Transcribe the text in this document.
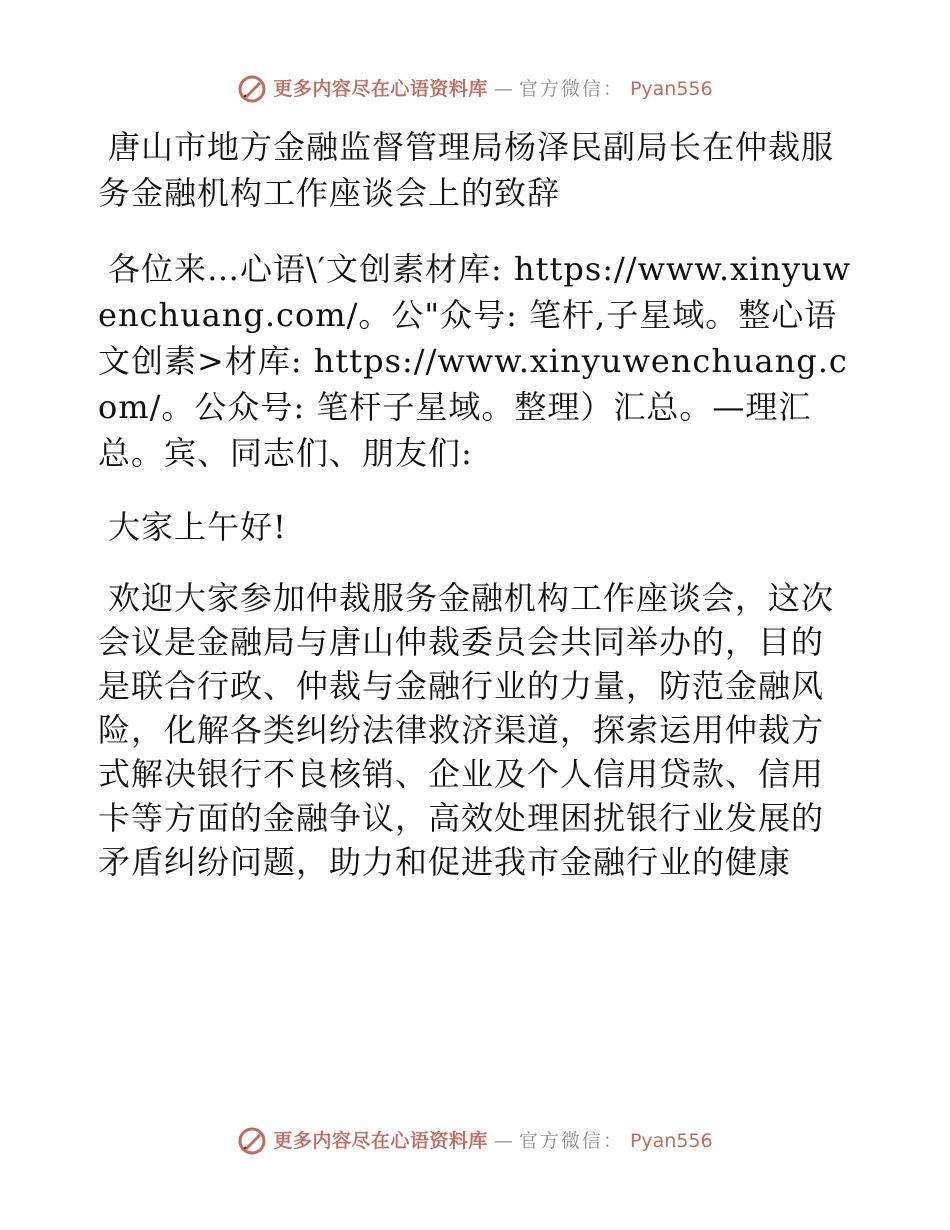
更多内容尽在心语资料库 — 官方微信： Pyan556

唐山市地方金融监督管理局杨泽民副局长在仲裁服务金融机构工作座谈会上的致辞

各位来…心语\′文创素材库: https://www.xinyuwenchuang.com/。公"众号: 笔杆,子星域。整心语文创素>材库: https://www.xinyuwenchuang.com/。公众号: 笔杆子星域。整理）汇总。—理汇总。宾、同志们、朋友们:

大家上午好!

欢迎大家参加仲裁服务金融机构工作座谈会，这次会议是金融局与唐山仲裁委员会共同举办的，目的是联合行政、仲裁与金融行业的力量，防范金融风险，化解各类纠纷法律救济渠道，探索运用仲裁方式解决银行不良核销、企业及个人信用贷款、信用卡等方面的金融争议，高效处理困扰银行业发展的矛盾纠纷问题，助力和促进我市金融行业的健康

更多内容尽在心语资料库 — 官方微信： Pyan556
